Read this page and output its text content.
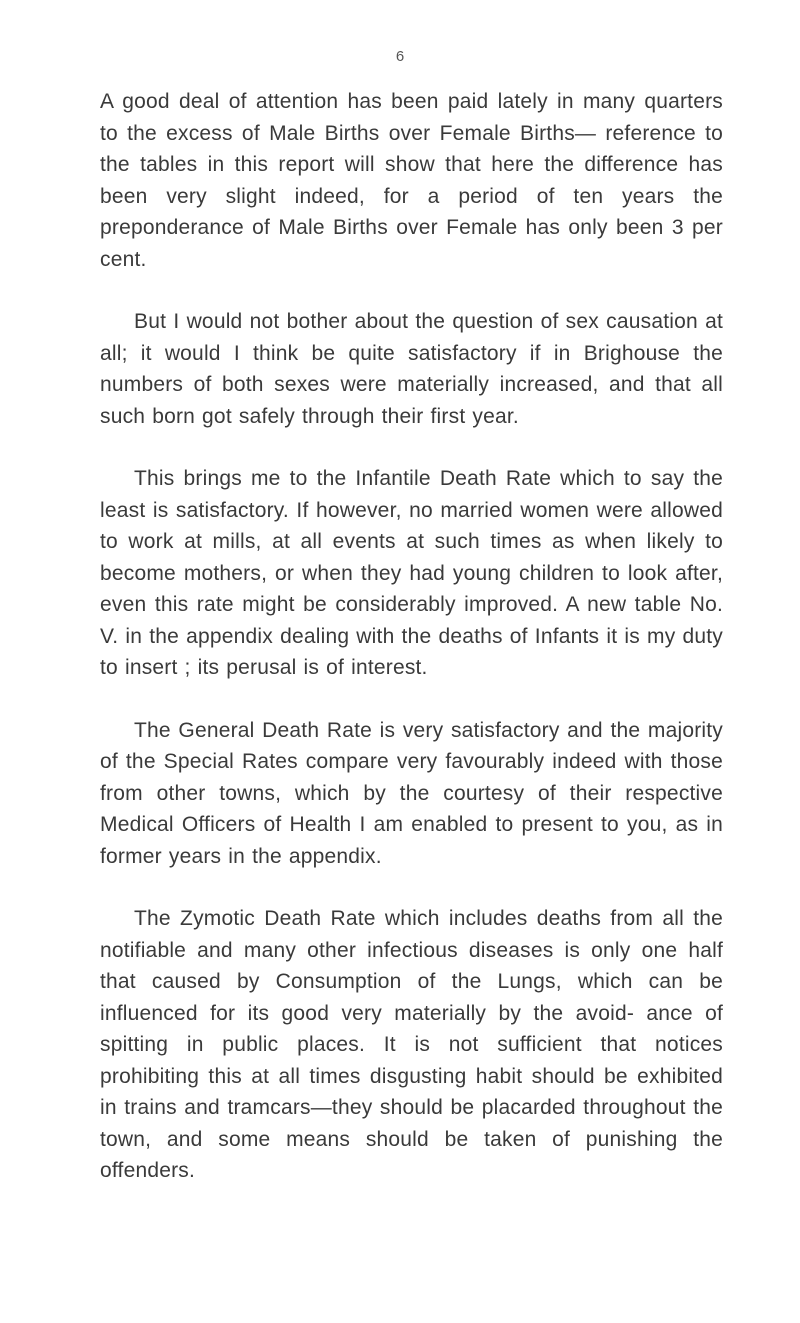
6

A good deal of attention has been paid lately in many quarters to the excess of Male Births over Female Births— reference to the tables in this report will show that here the difference has been very slight indeed, for a period of ten years the preponderance of Male Births over Female has only been 3 per cent.

But I would not bother about the question of sex causation at all; it would I think be quite satisfactory if in Brighouse the numbers of both sexes were materially increased, and that all such born got safely through their first year.

This brings me to the Infantile Death Rate which to say the least is satisfactory. If however, no married women were allowed to work at mills, at all events at such times as when likely to become mothers, or when they had young children to look after, even this rate might be considerably improved. A new table No. V. in the appendix dealing with the deaths of Infants it is my duty to insert ; its perusal is of interest.

The General Death Rate is very satisfactory and the majority of the Special Rates compare very favourably indeed with those from other towns, which by the courtesy of their respective Medical Officers of Health I am enabled to present to you, as in former years in the appendix.

The Zymotic Death Rate which includes deaths from all the notifiable and many other infectious diseases is only one half that caused by Consumption of the Lungs, which can be influenced for its good very materially by the avoid- ance of spitting in public places. It is not sufficient that notices prohibiting this at all times disgusting habit should be exhibited in trains and tramcars—they should be placarded throughout the town, and some means should be taken of punishing the offenders.
